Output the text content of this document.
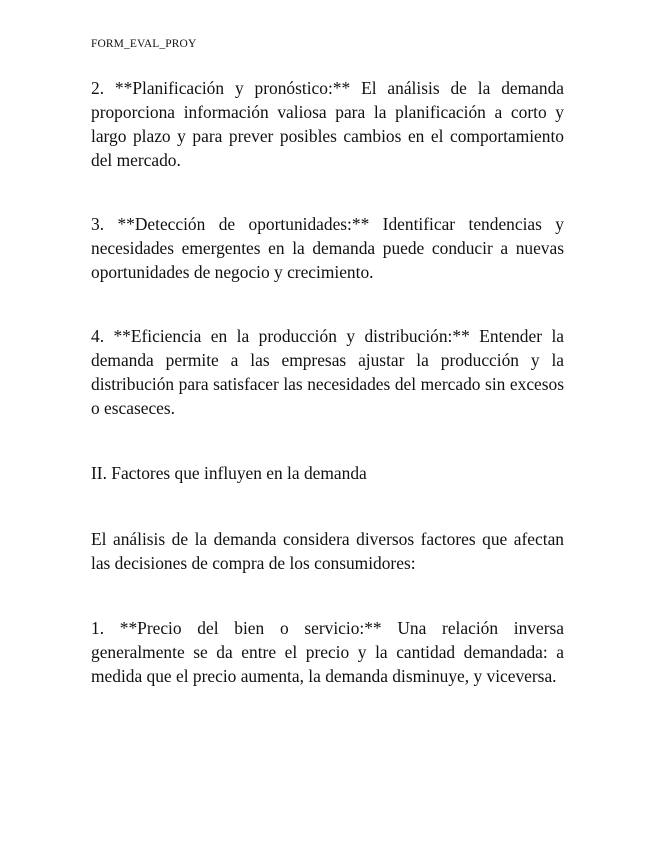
FORM_EVAL_PROY

2. **Planificación y pronóstico:** El análisis de la demanda proporciona información valiosa para la planificación a corto y largo plazo y para prever posibles cambios en el comportamiento del mercado.

3. **Detección de oportunidades:** Identificar tendencias y necesidades emergentes en la demanda puede conducir a nuevas oportunidades de negocio y crecimiento.

4. **Eficiencia en la producción y distribución:** Entender la demanda permite a las empresas ajustar la producción y la distribución para satisfacer las necesidades del mercado sin excesos o escaseces.

II. Factores que influyen en la demanda

El análisis de la demanda considera diversos factores que afectan las decisiones de compra de los consumidores:

1. **Precio del bien o servicio:** Una relación inversa generalmente se da entre el precio y la cantidad demandada: a medida que el precio aumenta, la demanda disminuye, y viceversa.
